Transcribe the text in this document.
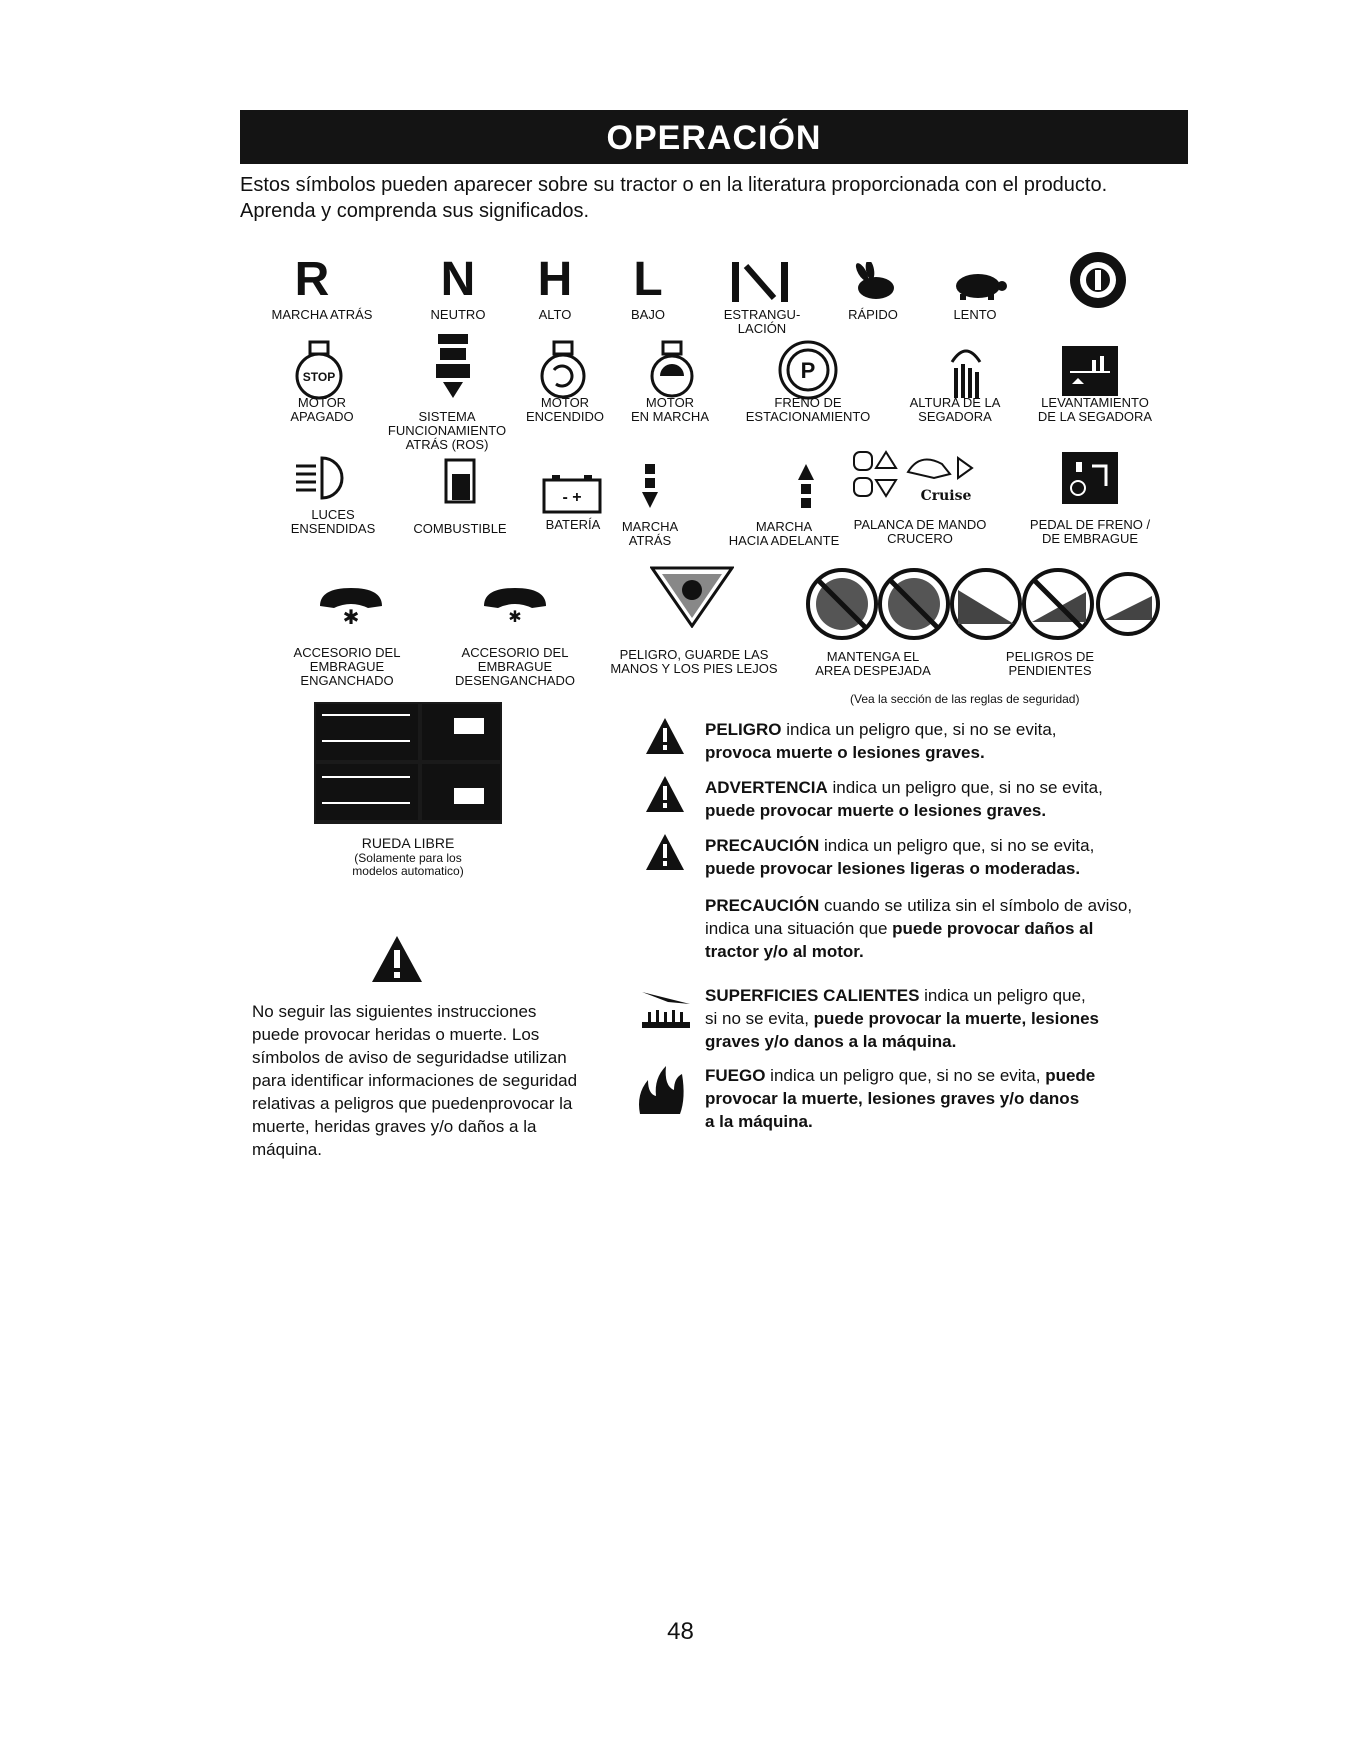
OPERACIÓN
Estos símbolos pueden aparecer sobre su tractor o en la literatura proporcionada con el producto.
Aprenda y comprenda sus significados.
R
MARCHA ATRÁS
N
NEUTRO
H
ALTO
L
BAJO	ESTRANGU-
LACIÓN
RÁPIDO	LENTO
STOP
MOTOR
APAGADO	SISTEMA
FUNCIONAMIENTO
ATRÁS (ROS)
MOTOR
ENCENDIDO
MOTOR
EN MARCHA
P
FRENO DE
ESTACIONAMIENTO
ALTURA DE LA
SEGADORA
LEVANTAMIENTO
DE LA SEGADORA
LUCES
ENSENDIDAS	COMBUSTIBLE
- +
BATERÍA	MARCHA
ATRÁS
MARCHA
HACIA ADELANTE
Cruise
PALANCA DE MANDO
CRUCERO
PEDAL DE FRENO /
DE EMBRAGUE
✱
ACCESORIO DEL
EMBRAGUE
ENGANCHADO
✱
ACCESORIO DEL
EMBRAGUE
DESENGANCHADO
PELIGRO, GUARDE LAS
MANOS Y LOS PIES LEJOS
MANTENGA EL
AREA DESPEJADA
PELIGROS DE
PENDIENTES
(Vea la sección de las reglas de seguridad)
RUEDA LIBRE
(Solamente para los
modelos automatico)
No seguir las siguientes instrucciones
puede provocar heridas o muerte. Los
símbolos de aviso de seguridadse utilizan
para identificar informaciones de seguridad
relativas a peligros que puedenprovocar la
muerte, heridas graves y/o daños a la
máquina.
PELIGRO indica un peligro que, si no se evita,
provoca muerte o lesiones graves.
ADVERTENCIA indica un peligro que, si no se evita,
puede provocar muerte o lesiones graves.
PRECAUCIÓN indica un peligro que, si no se evita,
puede provocar lesiones ligeras o moderadas.
PRECAUCIÓN cuando se utiliza sin el símbolo de aviso,
indica una situación que puede provocar daños al
tractor y/o al motor.
SUPERFICIES CALIENTES indica un peligro que,
si no se evita, puede provocar la muerte, lesiones
graves y/o danos a la máquina.
FUEGO indica un peligro que, si no se evita, puede
provocar la muerte, lesiones graves y/o danos
a la máquina.
48
